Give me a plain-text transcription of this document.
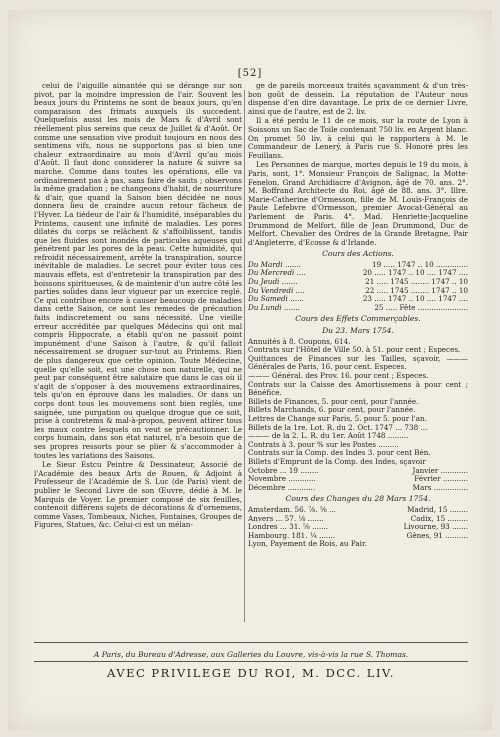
[52]

celui de l'aiguille aimantée qui se dérange sur son pivot, par la moindre impression de l'air. Souvent les beaux jours du Printems ne sont de beaux jours, qu'en comparaison des frimats auxquels ils succedent. Quelquefois aussi les mois de Mars & d'Avril sont réellement plus sereins que ceux de Juillet & d'Août. Or comme une sensation vive produit toujours en nous des sentimens vifs, nous ne supportons pas si bien une chaleur extraordinaire au mois d'Avril qu'au mois d'Août. Il faut donc considerer la nature & suivre sa marche. Comme dans toutes les opérations, elle va ordinairement pas à pas, sans faire de sauts ; observons la même gradation ; ne changeons d'habit, de nourriture & d'air, que quand la Saison bien décidée ne nous donnera lieu de craindre aucun retour fâcheux de l'Hyver. La tiédeur de l'air & l'humidité, inséparables du Printems, causent une infinité de maladies. Les pores dilatés du corps se relâchent & s'affoiblissent, tandis que les fluides sont inondés de particules aqueuses qui pénétrent par les pores de la peau. Cette humidité, qui refroidit nécessairement, arrête la transpiration, source inévitable de maladies. Le secret pour éviter tous ces mauvais effets, est d'entretenir la transpiration par des boissons spiritueuses, & de maintenir d'un autre côté les parties solides dans leur vigueur par un exercice reglé. Ce qui contribue encore à causer beaucoup de maladies dans cette Saison, ce sont les remedes de précaution faits indiscretement ou sans nécessité. Une vieille erreur accréditée par quelques Médecins qui ont mal compris Hippocrate, a établi qu'on ne passoit point impunément d'une Saison à l'autre, & qu'il falloit nécessairement se droguer sur-tout au Printems. Rien de plus dangereux que cette opinion. Toute Médecine, quelle qu'elle soit, est une chose non naturelle, qui ne peut par conséquent être salutaire que dans le cas où il s'agit de s'opposer à des mouvemens extraordinaires, tels qu'on en éprouve dans les maladies. Or dans un corps dont tous les mouvemens sont bien reglés, une saignée, une purgation ou quelque drogue que ce soit, prise à contretems & mal-à-propos, peuvent attirer tous les maux contre lesquels on veut se précautionner. Le corps humain, dans son état naturel, n'a besoin que de ses propres ressorts pour se plier & s'accommoder à toutes les variations des Saisons.

Le Sieur Estcu Peintre & Dessinateur, Associé de l'Académie des beaux Arts de Rouen, & Adjoint à Professeur de l'Académie de S. Luc (de Paris) vient de publier le Second Livre de son Œuvre, dédié à M. le Marquis de Voyer. Le premier composé de six feuilles, contenoit différens sujets de décorations & d'ornemens, comme Vases, Tombeaux, Niches, Fontaines, Groupes de Figures, Statues, &c. Celui-ci est un mélan-

ge de pareils morceaux traités sçavamment & d'un très-bon goût de dessein. La réputation de l'Auteur nous dispense d'en dire davantage. Le prix de ce dernier Livre, ainsi que de l'autre, est de 2. liv.

Il a été perdu le 11 de ce mois, sur la route de Lyon à Soissons un Sac de Toile contenant 750 liv. en Argent blanc. On promet 50 liv. à celui qui le rapportera à M. le Commandeur de Lenerý, à Paris rue S. Honoré près les Feuillans.

Les Personnes de marque, mortes depuis le 19 du mois, à Paris, sont, 1°. Monsieur François de Salignac, la Motte-Fenelon, Grand Archidiacre d'Avignon, âgé de 70. ans. 2°. M. Boffrand Architecte du Roi, âgé de 88. ans. 3°. Illre. Marie-Catherine d'Ormesson, fille de M. Louis-François de Paule Lefebvre d'Ormesson, premier Avocat-Général au Parlement de Paris. 4°. Mad. Henriette-Jacqueline Drummond de Melfort, fille de Jean Drummond, Duc de Melfort. Chevalier des Ordres de la Grande Bretagne, Pair d'Angleterre, d'Ecosse & d'Irlande.

Cours des Actions.
Du Mardi .......	19 ..... 1747 .. 10 ..............
Du Mercredi ....	20 ..... 1747 .. 10 .... 1747 ....
Du Jeudi .......	21 ..... 1745 ........ 1747 .. 10
Du Vendredi ....	22 ..... 1745 ........ 1747 .. 10
Du Samedi ......	23 ..... 1747 .. 10 .... 1747 ....
Du Lundi .......	25 ..... Fête ......................
Cours des Effets Commerçables.
Du 23. Mars 1754.
Annuités à 8. Coupons, 614.
Contrats sur l'Hôtel de Ville 50. à 51. pour cent ; Especes.
Quittances de Finances sur les Tailles, sçavoir, ——— Générales de Paris, 16. pour cent. Especes.
——— Général. des Prov. 16. pour cent ; Especes.
Contrats sur la Caisse des Amortissemens à pour cent ; Bénéfice.
Billets de Finances, 5. pour cent, pour l'année.
Billets Marchands, 6. pour cent, pour l'année.
Lettres de Change sur Paris, 5. pour 5. pour l'an.
Billets de la 1re. Lot. R. du 2. Oct. 1747 ... 738 ...
——— de la 2. L. R. du 1er. Août 1748 .........
Contrats à 3. pour % sur les Postes .........
Contrats sur la Comp. des Indes 3. pour cent Bén.
Billets d'Emprunt de la Comp. des Indes, sçavoir
Octobre ... 19 ........	Janvier ............
Novembre ............	Février ...........
Décembre ............	Mars ...............
Cours des Changes du 28 Mars 1754.
Amsterdam. 56. ⅞. ⅜ ...	Madrid, 15 ........
Anvers ... 57. ⅛ .......	Cadix, 15 .........
Londres ... 31. ⅝ .......	Livourne, 93 .......
Hambourg. 181. ¼ .......	Gênes, 91 ..........
Lyon, Payement de Rois, au Pair.
A Paris, du Bureau d'Adresse, aux Galleries du Louvre, vis-à-vis la rue S. Thomas.
AVEC PRIVILEGE DU ROI, M. DCC. LIV.
